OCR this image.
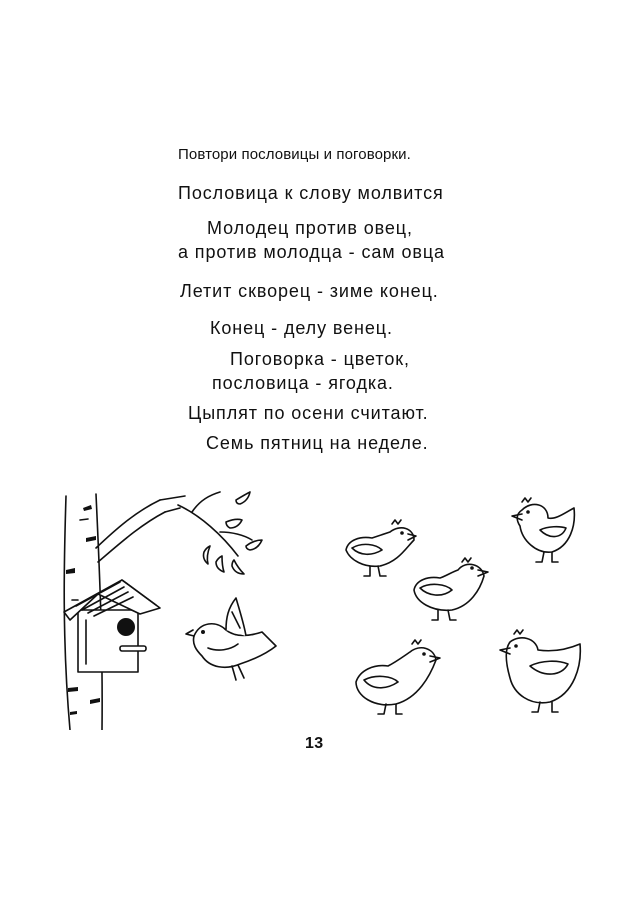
Повтори пословицы и поговорки.
Пословица к слову молвится
Молодец против овец,
а против молодца - сам овца
Летит скворец - зиме конец.
Конец - делу венец.
Поговорка - цветок,
пословица - ягодка.
Цыплят по осени считают.
Семь пятниц на неделе.
13
